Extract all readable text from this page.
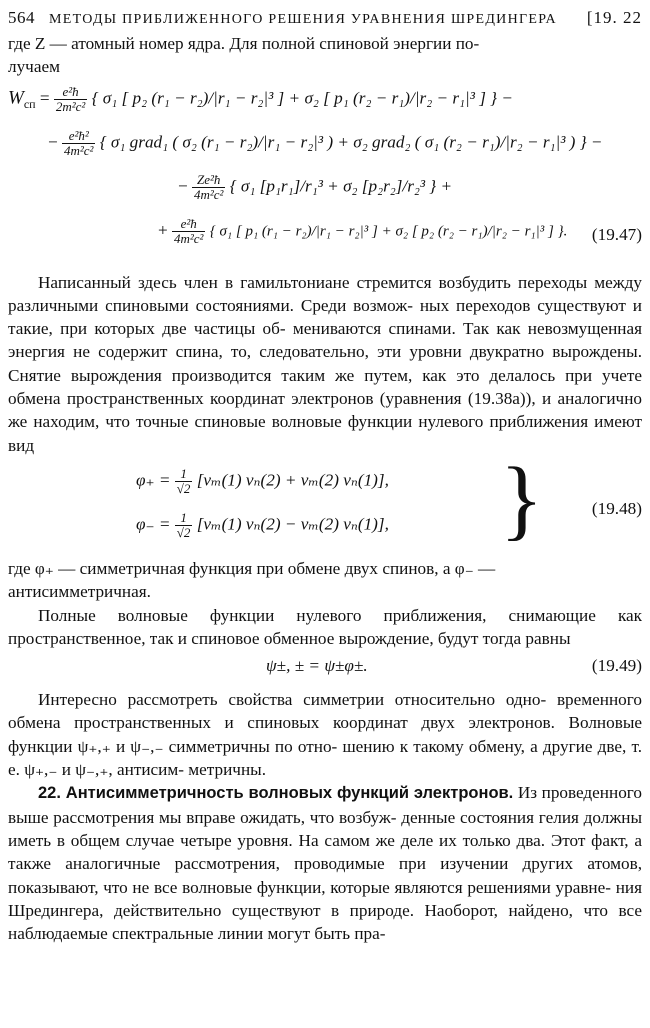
564 МЕТОДЫ ПРИБЛИЖЕННОГО РЕШЕНИЯ УРАВНЕНИЯ ШРЕДИНГЕРА	[19. 22

где Z — атомный номер ядра. Для полной спиновой энергии по-
лучаем

$W_{сп} = \frac{\text{e²ħ}}{\text{2m²c²}}$ { σ₁ [ p₂ (r₁ − r₂)/|r₁ − r₂|³ ] + σ₂ [ p₁ (r₂ − r₁)/|r₂ − r₁|³ ] } −
− $\frac{\text{e²ħ²}}{\text{4m²c²}}$ { σ₁ grad₁ ( σ₂ (r₁ − r₂)/|r₁ − r₂|³ ) + σ₂ grad₂ ( σ₁ (r₂ − r₁)/|r₂ − r₁|³ ) } −
− $\frac{\text{Ze²ħ}}{\text{4m²c²}}$ { σ₁ [p₁r₁]/r₁³ + σ₂ [p₂r₂]/r₂³ } +
+ $\frac{\text{e²ħ}}{\text{4m²c²}}$ { σ₁ [ p₁ (r₁ − r₂)/|r₁ − r₂|³ ] + σ₂ [ p₂ (r₂ − r₁)/|r₂ − r₁|³ ] }. (19.47)

Написанный здесь член в гамильтониане стремится возбудить переходы между различными спиновыми состояниями. Среди возмож- ных переходов существуют и такие, при которых две частицы об- мениваются спинами. Так как невозмущенная энергия не содержит спина, то, следовательно, эти уровни двукратно вырождены. Снятие вырождения производится таким же путем, как это делалось при учете обмена пространственных координат электронов (уравнения (19.38а)), и аналогично же находим, что точные спиновые волновые функции нулевого приближения имеют вид

$\varphi_+ = \frac{1}{√2} [v_m(1) v_n(2) + v_m(2)$ vₙ(1)],
$\varphi_- = \frac{1}{√2} [v_m(1) v_n(2) - v_m(2)$ vₙ(1)], }	(19.48)

где φ₊ — симметричная функция при обмене двух спинов, а φ₋ —
антисимметричная.

Полные волновые функции нулевого приближения, снимающие как пространственное, так и спиновое обменное вырождение, будут тогда равны

ψ±, ± = ψ±φ±.	(19.49)

Интересно рассмотреть свойства симметрии относительно одно- временного обмена пространственных и спиновых координат двух электронов. Волновые функции ψ₊,₊ и ψ₋,₋ симметричны по отно- шению к такому обмену, а другие две, т. е. ψ₊,₋ и ψ₋,₊, антисим- метричны.

22. Антисимметричность волновых функций электронов. Из проведенного выше рассмотрения мы вправе ожидать, что возбуж- денные состояния гелия должны иметь в общем случае четыре уровня. На самом же деле их только два. Этот факт, а также аналогичные рассмотрения, проводимые при изучении других атомов, показывают, что не все волновые функции, которые являются решениями уравне- ния Шредингера, действительно существуют в природе. Наоборот, найдено, что все наблюдаемые спектральные линии могут быть пра-
